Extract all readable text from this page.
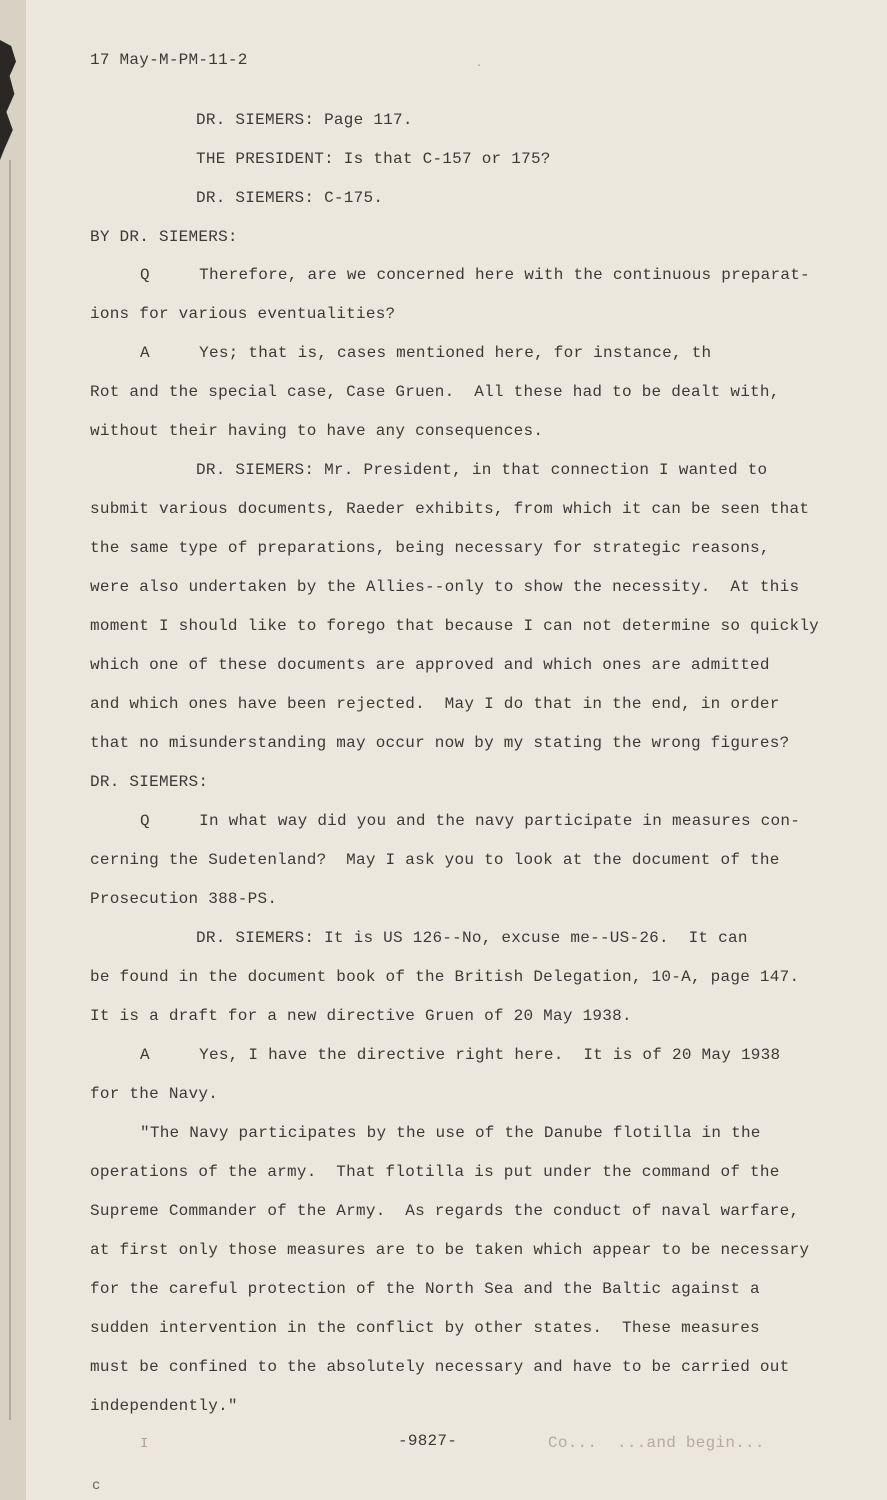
17 May-M-PM-11-2	.
DR. SIEMERS: Page 117.
THE PRESIDENT: Is that C-157 or 175?
DR. SIEMERS: C-175.
BY DR. SIEMERS:
Q     Therefore, are we concerned here with the continuous preparat-
ions for various eventualities?
A     Yes; that is, cases mentioned here, for instance, th
Rot and the special case, Case Gruen.  All these had to be dealt with,
without their having to have any consequences.
DR. SIEMERS: Mr. President, in that connection I wanted to
submit various documents, Raeder exhibits, from which it can be seen that
the same type of preparations, being necessary for strategic reasons,
were also undertaken by the Allies--only to show the necessity.  At this
moment I should like to forego that because I can not determine so quickly
which one of these documents are approved and which ones are admitted
and which ones have been rejected.  May I do that in the end, in order
that no misunderstanding may occur now by my stating the wrong figures?
DR. SIEMERS:
Q     In what way did you and the navy participate in measures con-
cerning the Sudetenland?  May I ask you to look at the document of the
Prosecution 388-PS.
DR. SIEMERS: It is US 126--No, excuse me--US-26.  It can
be found in the document book of the British Delegation, 10-A, page 147.
It is a draft for a new directive Gruen of 20 May 1938.
A     Yes, I have the directive right here.  It is of 20 May 1938
for the Navy.
"The Navy participates by the use of the Danube flotilla in the
operations of the army.  That flotilla is put under the command of the
Supreme Commander of the Army.  As regards the conduct of naval warfare,
at first only those measures are to be taken which appear to be necessary
for the careful protection of the North Sea and the Baltic against a
sudden intervention in the conflict by other states.  These measures
must be confined to the absolutely necessary and have to be carried out
independently."
I	-9827-	Co...  ...and begin...
c
